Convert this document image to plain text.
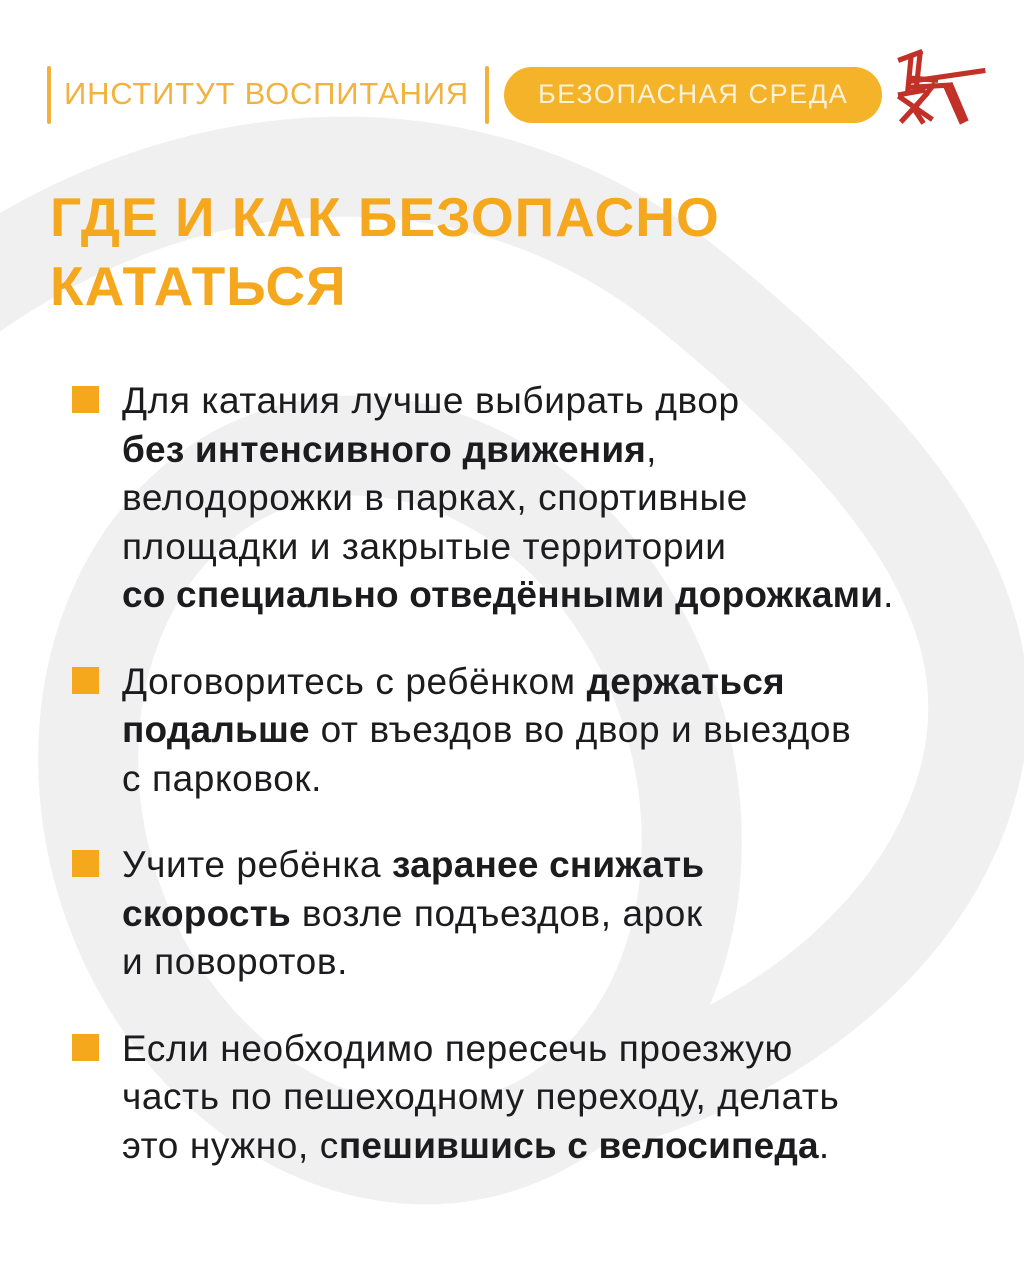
ИНСТИТУТ ВОСПИТАНИЯ	БЕЗОПАСНАЯ СРЕДА
ГДЕ И КАК БЕЗОПАСНО
КАТАТЬСЯ

Для катания лучше выбирать двор
без интенсивного движения,
велодорожки в парках, спортивные
площадки и закрытые территории
со специально отведёнными дорожками.

Договоритесь с ребёнком держаться
подальше от въездов во двор и выездов
с парковок.

Учите ребёнка заранее снижать
скорость возле подъездов, арок
и поворотов.

Если необходимо пересечь проезжую
часть по пешеходному переходу, делать
это нужно, спешившись с велосипеда.
